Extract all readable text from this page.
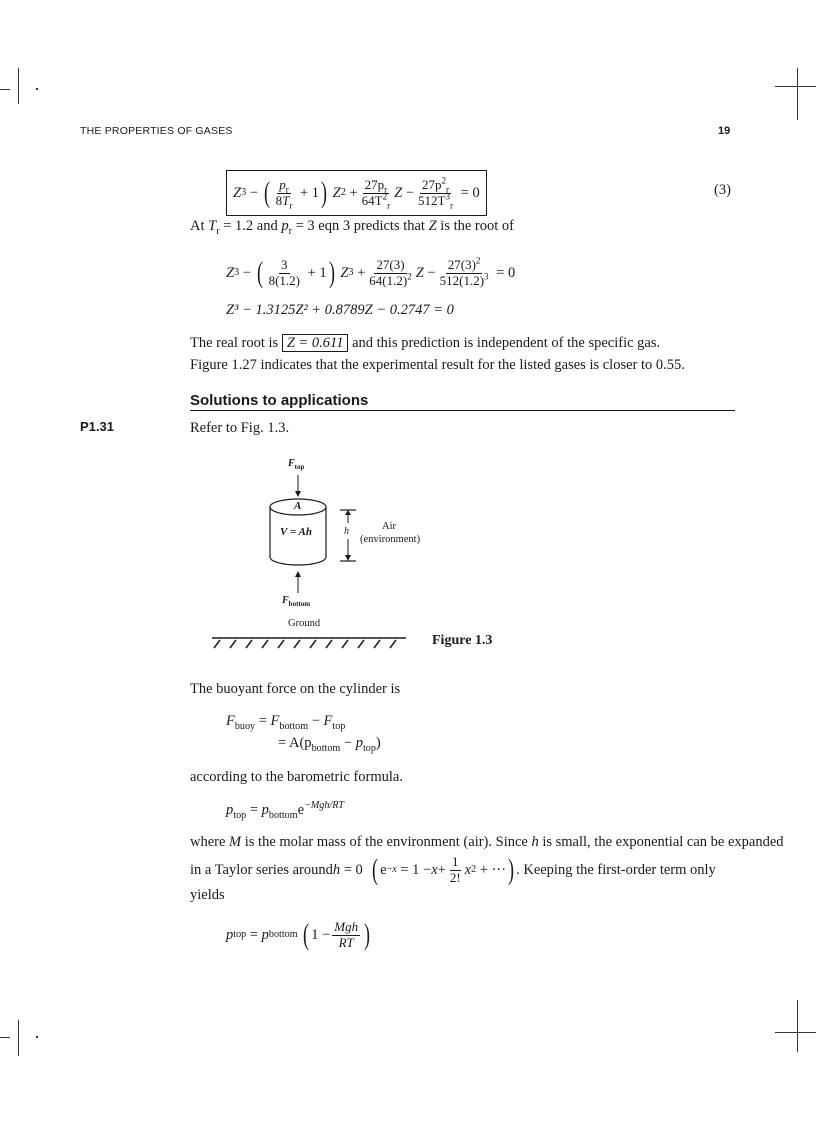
THE PROPERTIES OF GASES	19
Z 3 − ( $\frac{p_r}{8T_r} + 1$ )
Z $2 + \frac{27p_r}{64T^2_r}$ $Z - \frac{27p^2_r}{512T^3_r}$
= 0	(3)
At $T_r = 1.2$ and $p_r = 3$ eqn 3 predicts that Z is the root of
Z 3 − ( $\frac{3}{8(1.2)} + 1$ )
Z $3 + \frac{27(3)}{64(1.2)^2}$ $Z - \frac{27(3)^2}{512(1.2)^3} = 0$
Z³ − 1.3125Z² + 0.8789Z − 0.2747 = 0
The real root is Z = 0.611 and this prediction is independent of the specific gas.
Figure 1.27 indicates that the experimental result for the listed gases is closer to 0.55.
Solutions to applications
P1.31	Refer to Fig. 1.3.
$F_{top}$
A
V = Ah	h	Air
(environment)
$F_{bottom}$
Ground
Figure 1.3
The buoyant force on the cylinder is
$F_{buoy} = F_{bottom} - F_{top}$
= $A(p_{bottom} - p_{top})$
according to the barometric formula.
$p_{top} = p_{bottom}e^{-Mgh/RT}$
where M is the molar mass of the environment (air). Since h is small, the exponential can be expanded
in a Taylor series around h = 0 ( $e -x = 1 - x + \frac{1}{2!}$ x 2 + ··· ) . Keeping the first-order term only
yields
p top = p bottom
( $1 - \frac{\text{Mgh}}{RT}$ )
